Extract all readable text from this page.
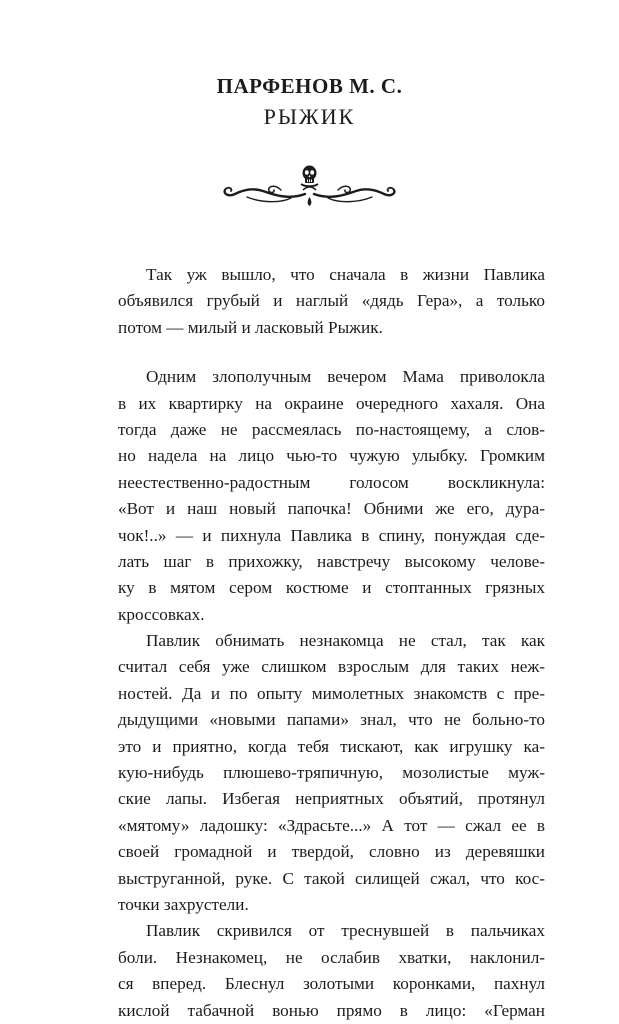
ПАРФЕНОВ М. С.
РЫЖИК
Так уж вышло, что сначала в жизни Павлика
объявился грубый и наглый «дядь Гера», а только
потом — милый и ласковый Рыжик.
Одним злополучным вечером Мама приволокла
в их квартирку на окраине очередного хахаля. Она
тогда даже не рассмеялась по-настоящему, а слов-
но надела на лицо чью-то чужую улыбку. Громким
неестественно-радостным голосом воскликнула:
«Вот и наш новый папочка! Обними же его, дура-
чок!..» — и пихнула Павлика в спину, понуждая сде-
лать шаг в прихожку, навстречу высокому челове-
ку в мятом сером костюме и стоптанных грязных
кроссовках.
Павлик обнимать незнакомца не стал, так как
считал себя уже слишком взрослым для таких неж-
ностей. Да и по опыту мимолетных знакомств с пре-
дыдущими «новыми папами» знал, что не больно-то
это и приятно, когда тебя тискают, как игрушку ка-
кую-нибудь плюшево-тряпичную, мозолистые муж-
ские лапы. Избегая неприятных объятий, протянул
«мятому» ладошку: «Здрасьте...» А тот — сжал ее в
своей громадной и твердой, словно из деревяшки
выструганной, руке. С такой силищей сжал, что кос-
точки захрустели.
Павлик скривился от треснувшей в пальчиках
боли. Незнакомец, не ослабив хватки, наклонил-
ся вперед. Блеснул золотыми коронками, пахнул
кислой табачной вонью прямо в лицо: «Герман
